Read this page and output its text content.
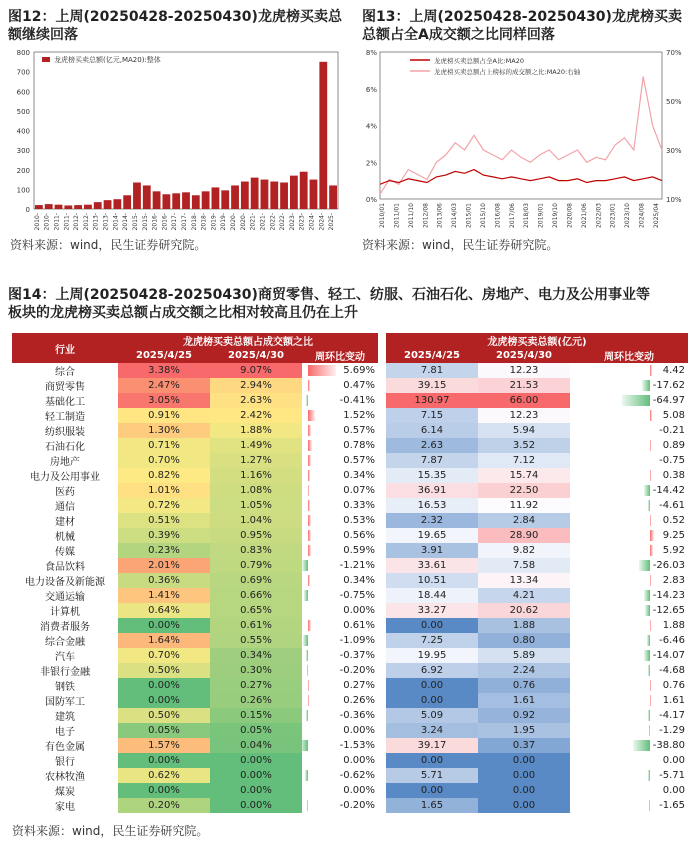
图12：上周(20250428-20250430)龙虎榜买卖总
额继续回落
0
100
200
300
400
500
600
700
800
2010- 2010- 2011- 2011- 2012- 2012- 2013- 2013- 2014- 2014- 2015- 2015- 2016- 2016- 2017- 2017- 2018- 2018- 2019- 2019- 2020- 2020- 2021- 2021- 2022- 2022- 2023- 2023- 2024- 2024- 2025-
龙虎榜买卖总额(亿元,MA20):整体
资料来源：wind，民生证券研究院。
图13：上周(20250428-20250430)龙虎榜买卖
总额占全A成交额之比同样回落
0%
2%
4%
6%
8%
10%
30%
50%
70%
2010/01 2011/01 2011/10 2012/08 2013/06 2014/03 2015/01 2015/10 2016/08 2017/06 2018/03 2019/01 2019/10 2020/08 2021/06 2022/03 2023/01 2023/10 2024/08 2025/04
龙虎榜买卖总额占全A比:MA20
龙虎榜买卖总额占上榜标的成交额之比:MA20:右轴
资料来源：wind，民生证券研究院。
图14：上周(20250428-20250430)商贸零售、轻工、纺服、石油石化、房地产、电力及公用事业等
板块的龙虎榜买卖总额占成交额之比相对较高且仍在上升
行业	龙虎榜买卖总额占成交额之比				龙虎榜买卖总额(亿元)		
	2025/4/25	2025/4/30	周环比变动		2025/4/25	2025/4/30	周环比变动
综合	3.38%	9.07%	5.69%		7.81	12.23	4.42
商贸零售	2.47%	2.94%	0.47%		39.15	21.53	-17.62
基础化工	3.05%	2.63%	-0.41%		130.97	66.00	-64.97
轻工制造	0.91%	2.42%	1.52%		7.15	12.23	5.08
纺织服装	1.30%	1.88%	0.57%		6.14	5.94	-0.21
石油石化	0.71%	1.49%	0.78%		2.63	3.52	0.89
房地产	0.70%	1.27%	0.57%		7.87	7.12	-0.75
电力及公用事业	0.82%	1.16%	0.34%		15.35	15.74	0.38
医药	1.01%	1.08%	0.07%		36.91	22.50	-14.42
通信	0.72%	1.05%	0.33%		16.53	11.92	-4.61
建材	0.51%	1.04%	0.53%		2.32	2.84	0.52
机械	0.39%	0.95%	0.56%		19.65	28.90	9.25
传媒	0.23%	0.83%	0.59%		3.91	9.82	5.92
食品饮料	2.01%	0.79%	-1.21%		33.61	7.58	-26.03
电力设备及新能源	0.36%	0.69%	0.34%		10.51	13.34	2.83
交通运输	1.41%	0.66%	-0.75%		18.44	4.21	-14.23
计算机	0.64%	0.65%	0.00%		33.27	20.62	-12.65
消费者服务	0.00%	0.61%	0.61%		0.00	1.88	1.88
综合金融	1.64%	0.55%	-1.09%		7.25	0.80	-6.46
汽车	0.70%	0.34%	-0.37%		19.95	5.89	-14.07
非银行金融	0.50%	0.30%	-0.20%		6.92	2.24	-4.68
钢铁	0.00%	0.27%	0.27%		0.00	0.76	0.76
国防军工	0.00%	0.26%	0.26%		0.00	1.61	1.61
建筑	0.50%	0.15%	-0.36%		5.09	0.92	-4.17
电子	0.05%	0.05%	0.00%		3.24	1.95	-1.29
有色金属	1.57%	0.04%	-1.53%		39.17	0.37	-38.80
银行	0.00%	0.00%	0.00%		0.00	0.00	0.00
农林牧渔	0.62%	0.00%	-0.62%		5.71	0.00	-5.71
煤炭	0.00%	0.00%	0.00%		0.00	0.00	0.00
家电	0.20%	0.00%	-0.20%		1.65	0.00	-1.65
资料来源：wind，民生证券研究院。
